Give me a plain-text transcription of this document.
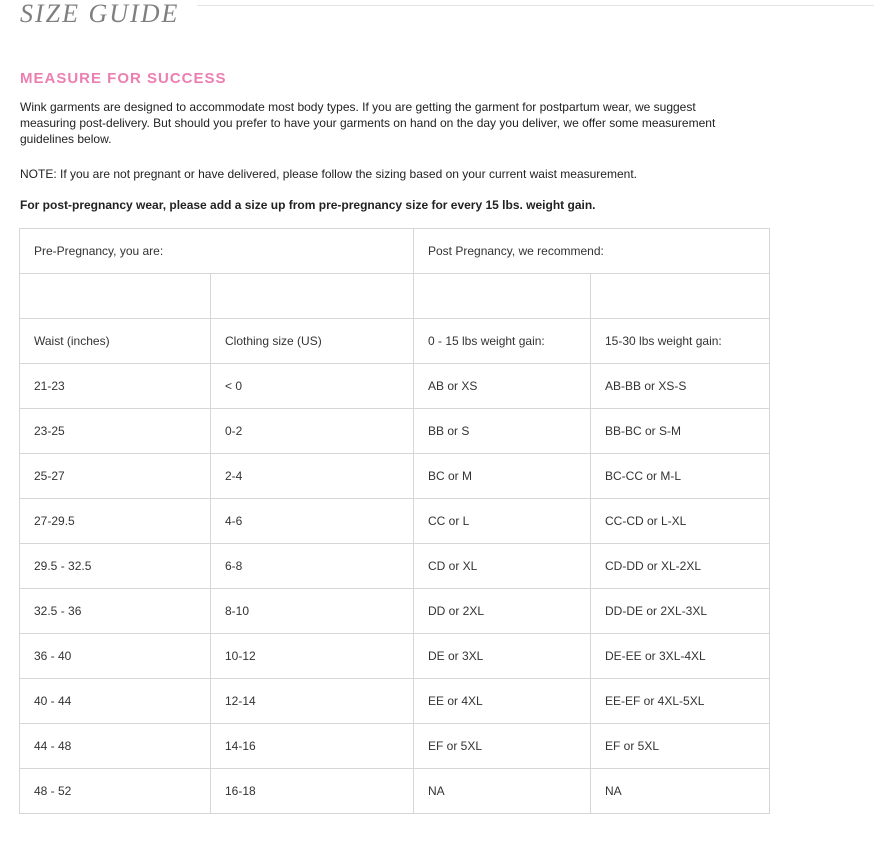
SIZE GUIDE
MEASURE FOR SUCCESS

Wink garments are designed to accommodate most body types. If you are getting the garment for postpartum wear, we suggest measuring post-delivery. But should you prefer to have your garments on hand on the day you deliver, we offer some measurement guidelines below.

NOTE: If you are not pregnant or have delivered, please follow the sizing based on your current waist measurement.

For post-pregnancy wear, please add a size up from pre-pregnancy size for every 15 lbs. weight gain.

Pre-Pregnancy, you are:		Post Pregnancy, we recommend:	

Waist (inches)	Clothing size (US)	0 - 15 lbs weight gain:	15-30 lbs weight gain:
21-23	< 0	AB or XS	AB-BB or XS-S
23-25	0-2	BB or S	BB-BC or S-M
25-27	2-4	BC or M	BC-CC or M-L
27-29.5	4-6	CC or L	CC-CD or L-XL
29.5 - 32.5	6-8	CD or XL	CD-DD or XL-2XL
32.5 - 36	8-10	DD or 2XL	DD-DE or 2XL-3XL
36 - 40	10-12	DE or 3XL	DE-EE or 3XL-4XL
40 - 44	12-14	EE or 4XL	EE-EF or 4XL-5XL
44 - 48	14-16	EF or 5XL	EF or 5XL
48 - 52	16-18	NA	NA
